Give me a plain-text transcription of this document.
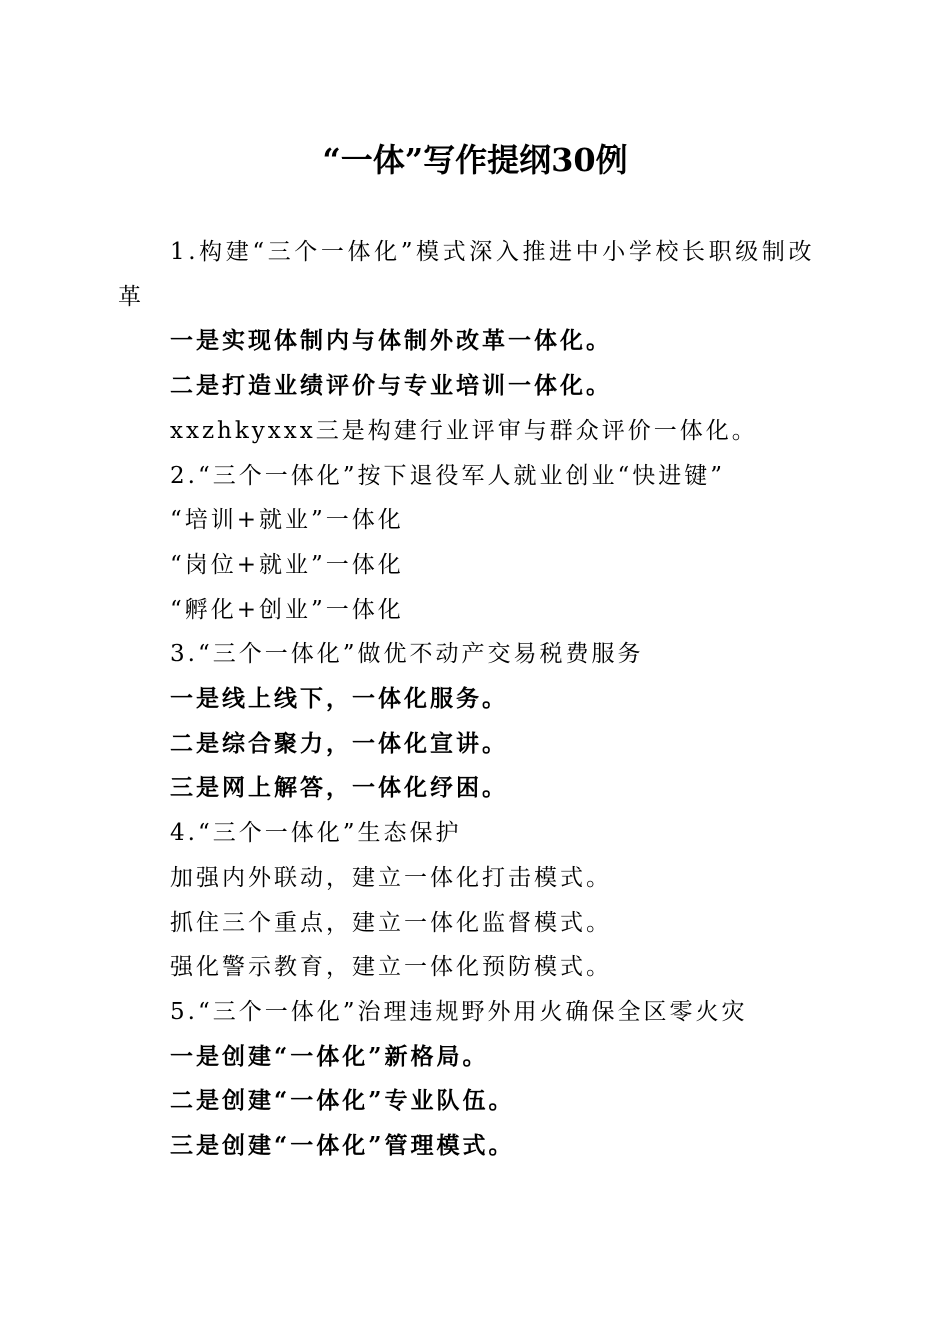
“一体”写作提纲30例
1.构建“三个一体化”模式深入推进中小学校长职级制改革
一是实现体制内与体制外改革一体化。
二是打造业绩评价与专业培训一体化。
xxzhkyxxx三是构建行业评审与群众评价一体化。
2.“三个一体化”按下退役军人就业创业“快进键”
“培训+就业”一体化
“岗位+就业”一体化
“孵化+创业”一体化
3.“三个一体化”做优不动产交易税费服务
一是线上线下，一体化服务。
二是综合聚力，一体化宣讲。
三是网上解答，一体化纾困。
4.“三个一体化”生态保护
加强内外联动，建立一体化打击模式。
抓住三个重点，建立一体化监督模式。
强化警示教育，建立一体化预防模式。
5.“三个一体化”治理违规野外用火确保全区零火灾
一是创建“一体化”新格局。
二是创建“一体化”专业队伍。
三是创建“一体化”管理模式。
